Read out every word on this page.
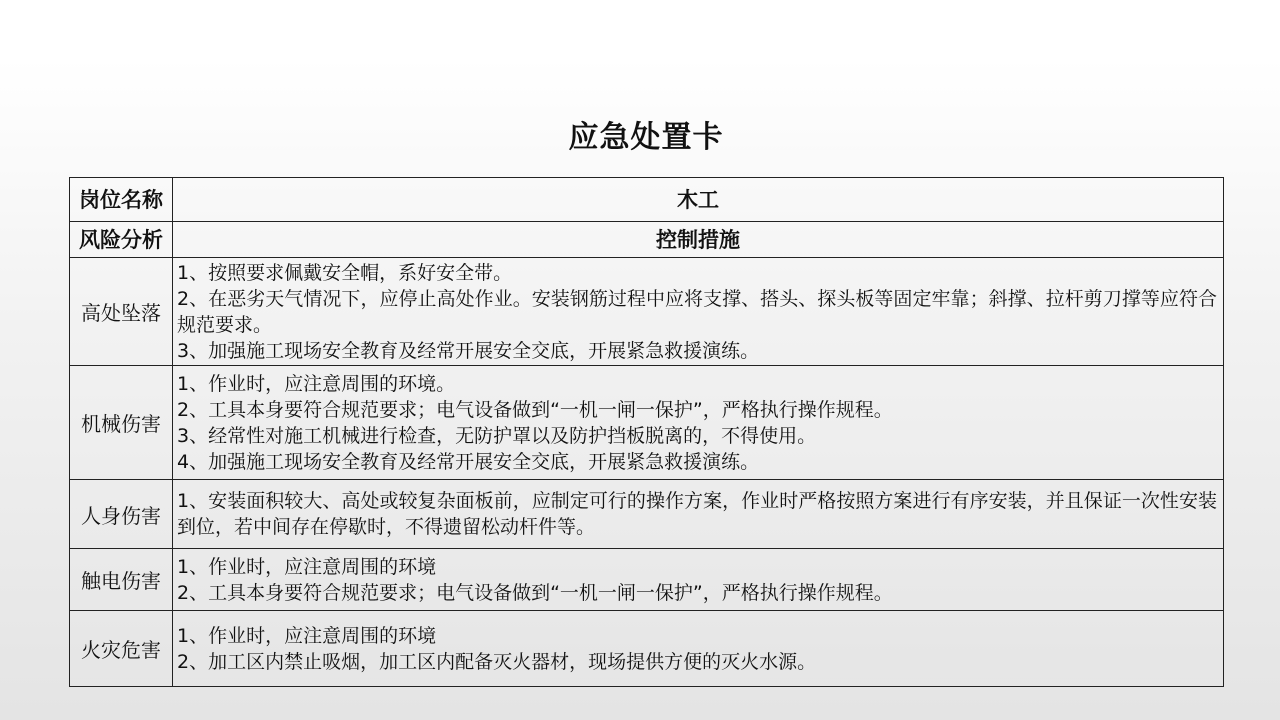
应急处置卡
岗位名称	木工
风险分析	控制措施
高处坠落	1、按照要求佩戴安全帽，系好安全带。
2、在恶劣天气情况下，应停止高处作业。安装钢筋过程中应将支撑、搭头、探头板等固定牢靠；斜撑、拉杆剪刀撑等应符合规范要求。
3、加强施工现场安全教育及经常开展安全交底，开展紧急救援演练。

机械伤害	1、作业时，应注意周围的环境。
2、工具本身要符合规范要求；电气设备做到“一机一闸一保护”，严格执行操作规程。
3、经常性对施工机械进行检查，无防护罩以及防护挡板脱离的，不得使用。
4、加强施工现场安全教育及经常开展安全交底，开展紧急救援演练。

人身伤害	1、安装面积较大、高处或较复杂面板前，应制定可行的操作方案，作业时严格按照方案进行有序安装，并且保证一次性安装到位，若中间存在停歇时，不得遗留松动杆件等。

触电伤害	1、作业时，应注意周围的环境
2、工具本身要符合规范要求；电气设备做到“一机一闸一保护”，严格执行操作规程。

火灾危害	1、作业时，应注意周围的环境
2、加工区内禁止吸烟，加工区内配备灭火器材，现场提供方便的灭火水源。
